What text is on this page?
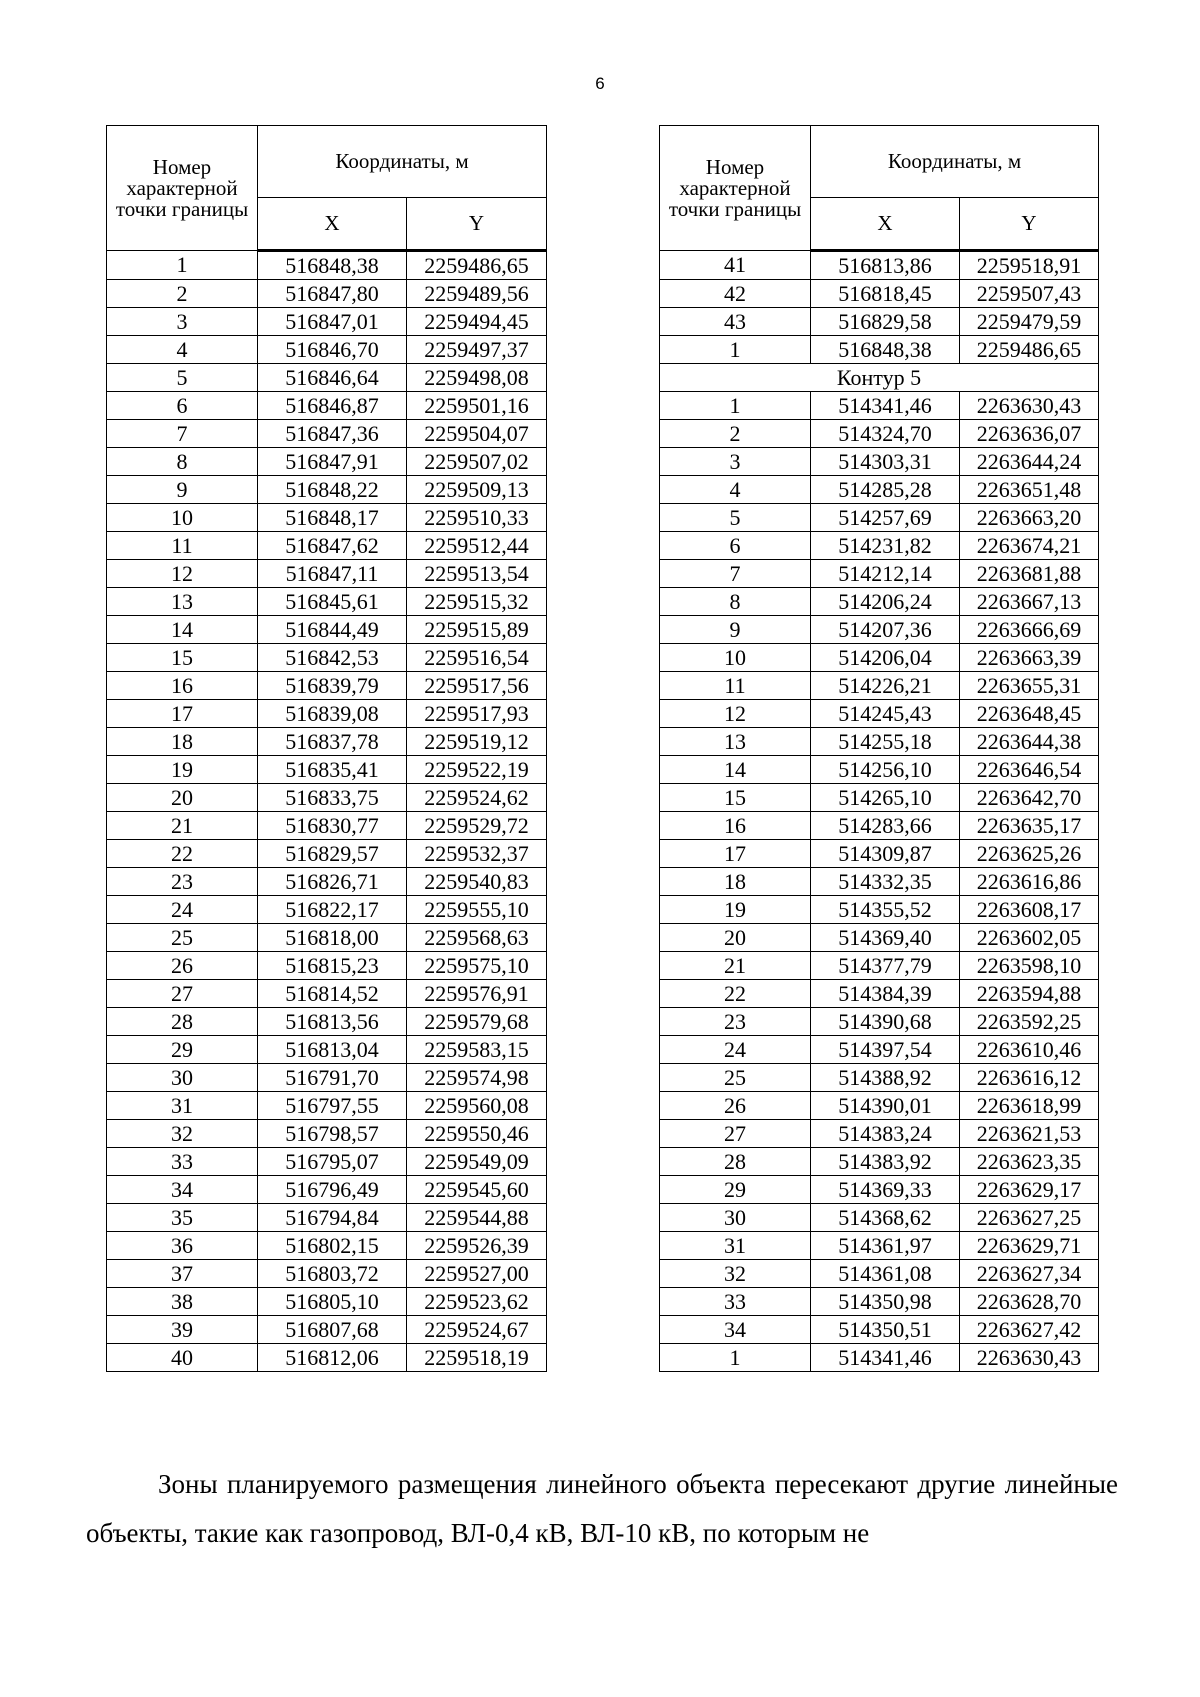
6
Номер характерной точки границы	Координаты, м	
	X	Y
1	516848,38	2259486,65
2	516847,80	2259489,56
3	516847,01	2259494,45
4	516846,70	2259497,37
5	516846,64	2259498,08
6	516846,87	2259501,16
7	516847,36	2259504,07
8	516847,91	2259507,02
9	516848,22	2259509,13
10	516848,17	2259510,33
11	516847,62	2259512,44
12	516847,11	2259513,54
13	516845,61	2259515,32
14	516844,49	2259515,89
15	516842,53	2259516,54
16	516839,79	2259517,56
17	516839,08	2259517,93
18	516837,78	2259519,12
19	516835,41	2259522,19
20	516833,75	2259524,62
21	516830,77	2259529,72
22	516829,57	2259532,37
23	516826,71	2259540,83
24	516822,17	2259555,10
25	516818,00	2259568,63
26	516815,23	2259575,10
27	516814,52	2259576,91
28	516813,56	2259579,68
29	516813,04	2259583,15
30	516791,70	2259574,98
31	516797,55	2259560,08
32	516798,57	2259550,46
33	516795,07	2259549,09
34	516796,49	2259545,60
35	516794,84	2259544,88
36	516802,15	2259526,39
37	516803,72	2259527,00
38	516805,10	2259523,62
39	516807,68	2259524,67
40	516812,06	2259518,19
Номер характерной точки границы	Координаты, м	
	X	Y
41	516813,86	2259518,91
42	516818,45	2259507,43
43	516829,58	2259479,59
1	516848,38	2259486,65
Контур 5		
1	514341,46	2263630,43
2	514324,70	2263636,07
3	514303,31	2263644,24
4	514285,28	2263651,48
5	514257,69	2263663,20
6	514231,82	2263674,21
7	514212,14	2263681,88
8	514206,24	2263667,13
9	514207,36	2263666,69
10	514206,04	2263663,39
11	514226,21	2263655,31
12	514245,43	2263648,45
13	514255,18	2263644,38
14	514256,10	2263646,54
15	514265,10	2263642,70
16	514283,66	2263635,17
17	514309,87	2263625,26
18	514332,35	2263616,86
19	514355,52	2263608,17
20	514369,40	2263602,05
21	514377,79	2263598,10
22	514384,39	2263594,88
23	514390,68	2263592,25
24	514397,54	2263610,46
25	514388,92	2263616,12
26	514390,01	2263618,99
27	514383,24	2263621,53
28	514383,92	2263623,35
29	514369,33	2263629,17
30	514368,62	2263627,25
31	514361,97	2263629,71
32	514361,08	2263627,34
33	514350,98	2263628,70
34	514350,51	2263627,42
1	514341,46	2263630,43

Зоны планируемого размещения линейного объекта пересекают другие линейные объекты, такие как газопровод, ВЛ-0,4 кВ, ВЛ-10 кВ, по которым не
